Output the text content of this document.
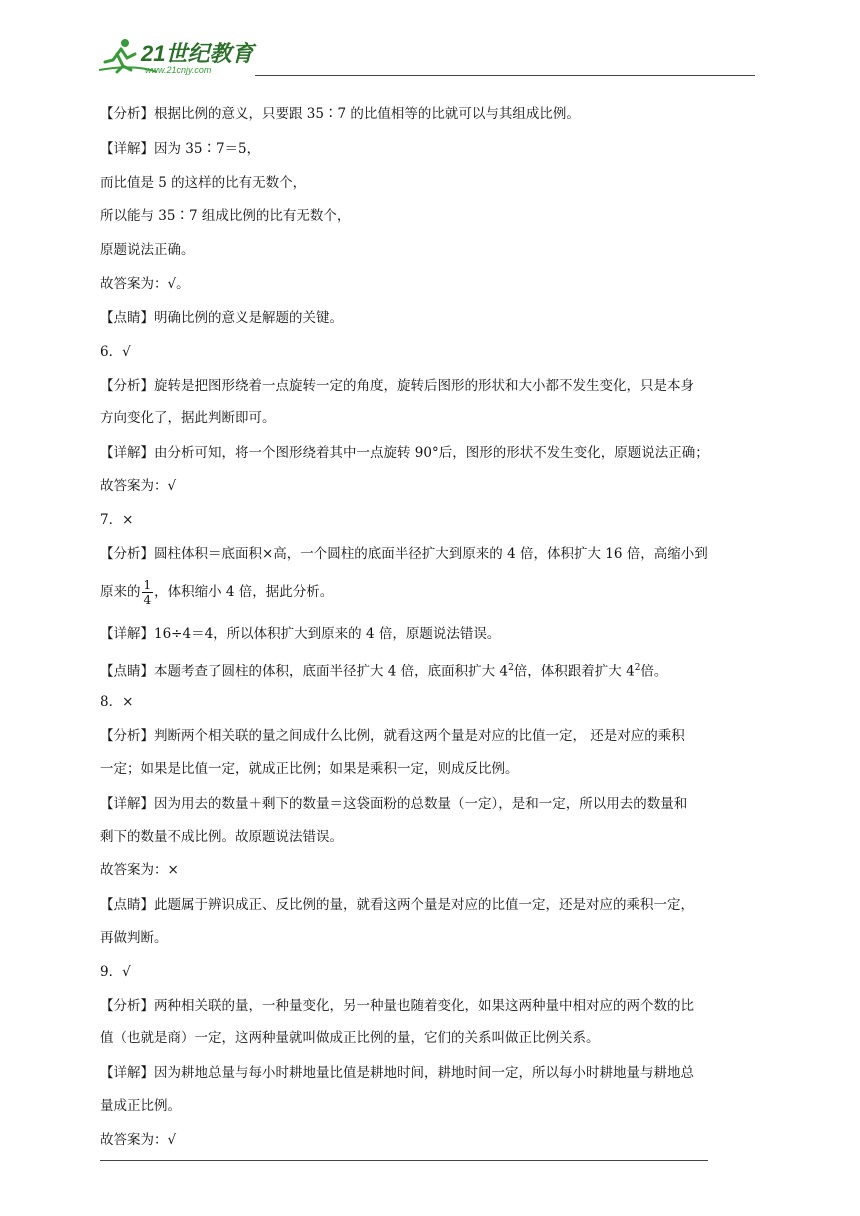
21世纪教育
www.21cnjy.com
【分析】根据比例的意义，只要跟 35∶7 的比值相等的比就可以与其组成比例。
【详解】因为 35∶7＝5，
而比值是 5 的这样的比有无数个，
所以能与 35∶7 组成比例的比有无数个，
原题说法正确。
故答案为：√。
【点睛】明确比例的意义是解题的关键。
6．√
【分析】旋转是把图形绕着一点旋转一定的角度，旋转后图形的形状和大小都不发生变化，只是本身
方向变化了，据此判断即可。
【详解】由分析可知，将一个图形绕着其中一点旋转 90°后，图形的形状不发生变化，原题说法正确；
故答案为：√
7．×
【分析】圆柱体积＝底面积×高，一个圆柱的底面半径扩大到原来的 4 倍，体积扩大 16 倍，高缩小到
原来的 $\frac{1}{4}$ ，体积缩小 4 倍，据此分析。
【详解】16÷4＝4，所以体积扩大到原来的 4 倍，原题说法错误。
【点睛】本题考查了圆柱的体积，底面半径扩大 4 倍，底面积扩大 $4^2$倍，体积跟着扩大 $4^2$倍。
8．×
【分析】判断两个相关联的量之间成什么比例，就看这两个量是对应的比值一定， 还是对应的乘积
一定；如果是比值一定，就成正比例；如果是乘积一定，则成反比例。
【详解】因为用去的数量＋剩下的数量＝这袋面粉的总数量（一定），是和一定，所以用去的数量和
剩下的数量不成比例。故原题说法错误。
故答案为：×
【点睛】此题属于辨识成正、反比例的量，就看这两个量是对应的比值一定，还是对应的乘积一定，
再做判断。
9．√
【分析】两种相关联的量，一种量变化，另一种量也随着变化，如果这两种量中相对应的两个数的比
值（也就是商）一定，这两种量就叫做成正比例的量，它们的关系叫做正比例关系。
【详解】因为耕地总量与每小时耕地量比值是耕地时间，耕地时间一定，所以每小时耕地量与耕地总
量成正比例。
故答案为：√
